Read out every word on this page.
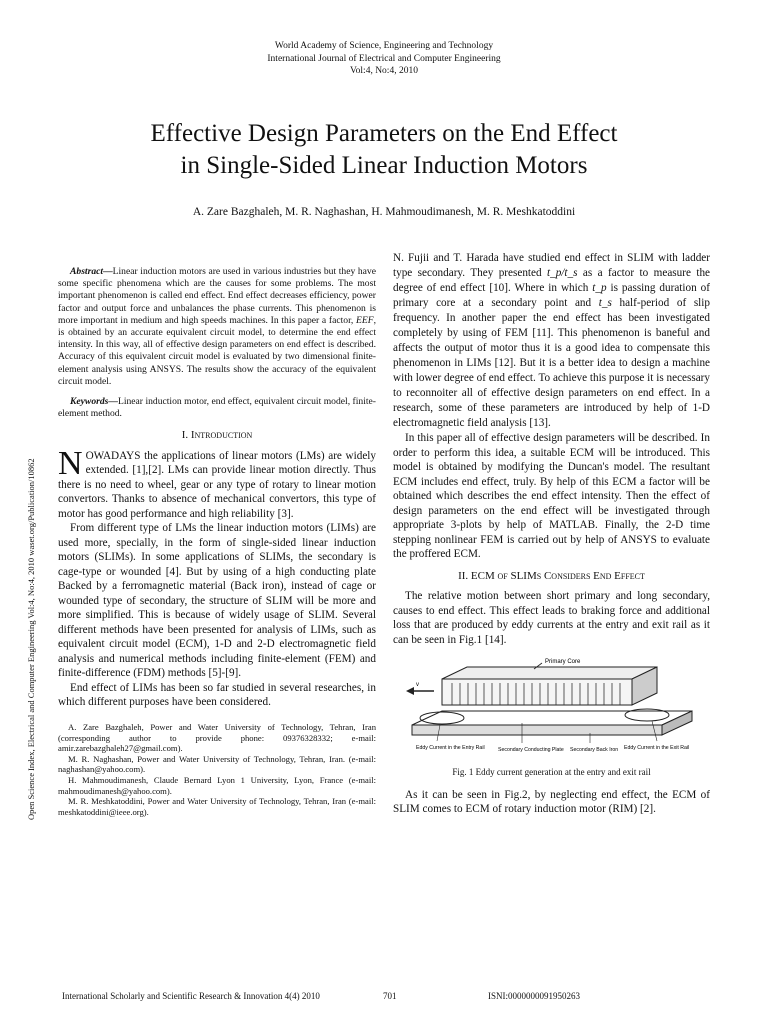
World Academy of Science, Engineering and Technology
International Journal of Electrical and Computer Engineering
Vol:4, No:4, 2010
Effective Design Parameters on the End Effect
in Single-Sided Linear Induction Motors
A. Zare Bazghaleh, M. R. Naghashan, H. Mahmoudimanesh, M. R. Meshkatoddini
Open Science Index, Electrical and Computer Engineering Vol:4, No:4, 2010 waset.org/Publication/10862

Abstract—Linear induction motors are used in various industries but they have some specific phenomena which are the causes for some problems. The most important phenomenon is called end effect. End effect decreases efficiency, power factor and output force and unbalances the phase currents. This phenomenon is more important in medium and high speeds machines. In this paper a factor, EEF, is obtained by an accurate equivalent circuit model, to determine the end effect intensity. In this way, all of effective design parameters on end effect is described. Accuracy of this equivalent circuit model is evaluated by two dimensional finite-element analysis using ANSYS. The results show the accuracy of the equivalent circuit model.

Keywords—Linear induction motor, end effect, equivalent circuit model, finite-element method.

I. Introduction

NOWADAYS the applications of linear motors (LMs) are widely extended. [1],[2]. LMs can provide linear motion directly. Thus there is no need to wheel, gear or any type of rotary to linear motion convertors. Thanks to absence of mechanical convertors, this type of motor has good performance and high reliability [3].

From different type of LMs the linear induction motors (LIMs) are used more, specially, in the form of single-sided linear induction motors (SLIMs). In some applications of SLIMs, the secondary is cage-type or wounded [4]. But by using of a high conducting plate Backed by a ferromagnetic material (Back iron), instead of cage or wounded type of secondary, the structure of SLIM will be more and more simplified. This is because of widely usage of SLIM. Several different methods have been presented for analysis of LIMs, such as equivalent circuit model (ECM), 1-D and 2-D electromagnetic field analysis and numerical methods including finite-element (FEM) and finite-difference (FDM) methods [5]-[9].

End effect of LIMs has been so far studied in several researches, in which different purposes have been considered.

A. Zare Bazghaleh, Power and Water University of Technology, Tehran, Iran (corresponding author to provide phone: 09376328332; e-mail: amir.zarebazghaleh27@gmail.com).

M. R. Naghashan, Power and Water University of Technology, Tehran, Iran. (e-mail: naghashan@yahoo.com).

H. Mahmoudimanesh, Claude Bernard Lyon 1 University, Lyon, France (e-mail: mahmoudimanesh@yahoo.com).

M. R. Meshkatoddini, Power and Water University of Technology, Tehran, Iran (e-mail: meshkatoddini@ieee.org).

N. Fujii and T. Harada have studied end effect in SLIM with ladder type secondary. They presented t_p/t_s as a factor to measure the degree of end effect [10]. Where in which t_p is passing duration of primary core at a secondary point and t_s half-period of slip frequency. In another paper the end effect has been investigated completely by using of FEM [11]. This phenomenon is baneful and affects the output of motor thus it is a good idea to compensate this phenomenon in LIMs [12]. But it is a better idea to design a machine with lower degree of end effect. To achieve this purpose it is necessary to reconnoiter all of effective design parameters on end effect. In a research, some of these parameters are introduced by help of 1-D electromagnetic field analysis [13].

In this paper all of effective design parameters will be described. In order to perform this idea, a suitable ECM will be introduced. This model is obtained by modifying the Duncan's model. The resultant ECM includes end effect, truly. By help of this ECM a factor will be obtained which describes the end effect intensity. Then the effect of design parameters on the end effect will be investigated through appropriate 3-plots by help of MATLAB. Finally, the 2-D time stepping nonlinear FEM is carried out by help of ANSYS to evaluate the proffered ECM.

II. ECM of SLIMs Considers End Effect

The relative motion between short primary and long secondary, causes to end effect. This effect leads to braking force and additional loss that are produced by eddy currents at the entry and exit rail as it can be seen in Fig.1 [14].

Primary Core
v
Eddy Current in the Entry Rail	Secondary Conducting Plate Secondary Back Iron Eddy Current in the Exit Rail
Fig. 1 Eddy current generation at the entry and exit rail

As it can be seen in Fig.2, by neglecting end effect, the ECM of SLIM comes to ECM of rotary induction motor (RIM) [2].

International Scholarly and Scientific Research & Innovation 4(4) 2010	701	ISNI:0000000091950263
